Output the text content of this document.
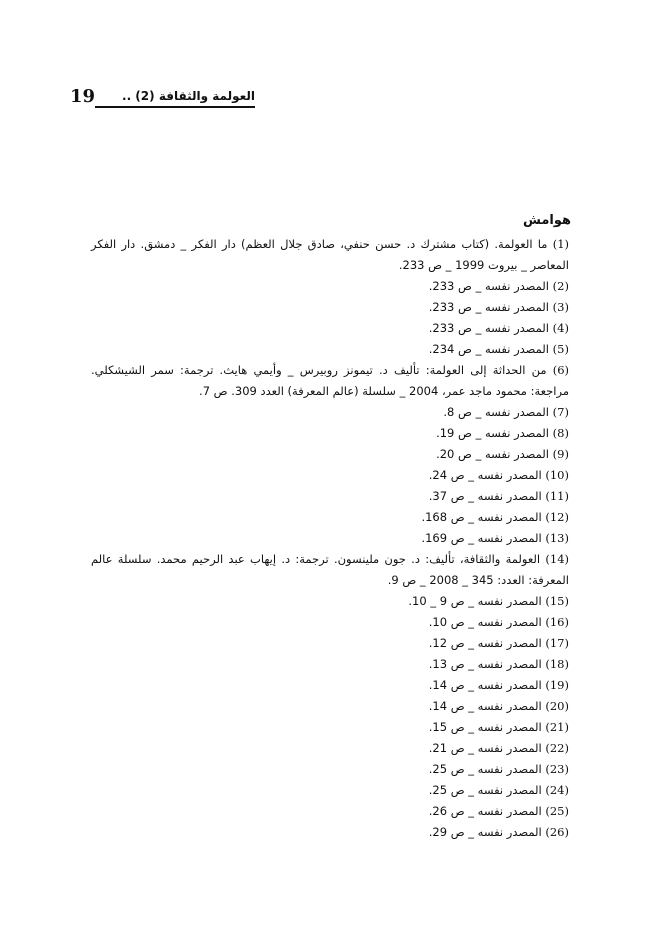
19 العولمة والثقافة (2) ..
هوامش
(1) ما العولمة. (كتاب مشترك د. حسن حنفي، صادق جلال العظم) دار الفكر _ دمشق. دار الفكر المعاصر _ بيروت 1999 _ ص 233.
(2) المصدر نفسه _ ص 233.
(3) المصدر نفسه _ ص 233.
(4) المصدر نفسه _ ص 233.
(5) المصدر نفسه _ ص 234.
(6) من الحداثة إلى العولمة: تأليف د. تيمونز روبيرس _ وأيمي هايث. ترجمة: سمر الشيشكلي. مراجعة: محمود ماجد عمر، 2004 _ سلسلة (عالم المعرفة) العدد 309. ص 7.
(7) المصدر نفسه _ ص 8.
(8) المصدر نفسه _ ص 19.
(9) المصدر نفسه _ ص 20.
(10) المصدر نفسه _ ص 24.
(11) المصدر نفسه _ ص 37.
(12) المصدر نفسه _ ص 168.
(13) المصدر نفسه _ ص 169.
(14) العولمة والثقافة، تأليف: د. جون ملينسون. ترجمة: د. إيهاب عبد الرحيم محمد. سلسلة عالم المعرفة: العدد: 345 _ 2008 _ ص 9.
(15) المصدر نفسه _ ص 9 _ 10.
(16) المصدر نفسه _ ص 10.
(17) المصدر نفسه _ ص 12.
(18) المصدر نفسه _ ص 13.
(19) المصدر نفسه _ ص 14.
(20) المصدر نفسه _ ص 14.
(21) المصدر نفسه _ ص 15.
(22) المصدر نفسه _ ص 21.
(23) المصدر نفسه _ ص 25.
(24) المصدر نفسه _ ص 25.
(25) المصدر نفسه _ ص 26.
(26) المصدر نفسه _ ص 29.
